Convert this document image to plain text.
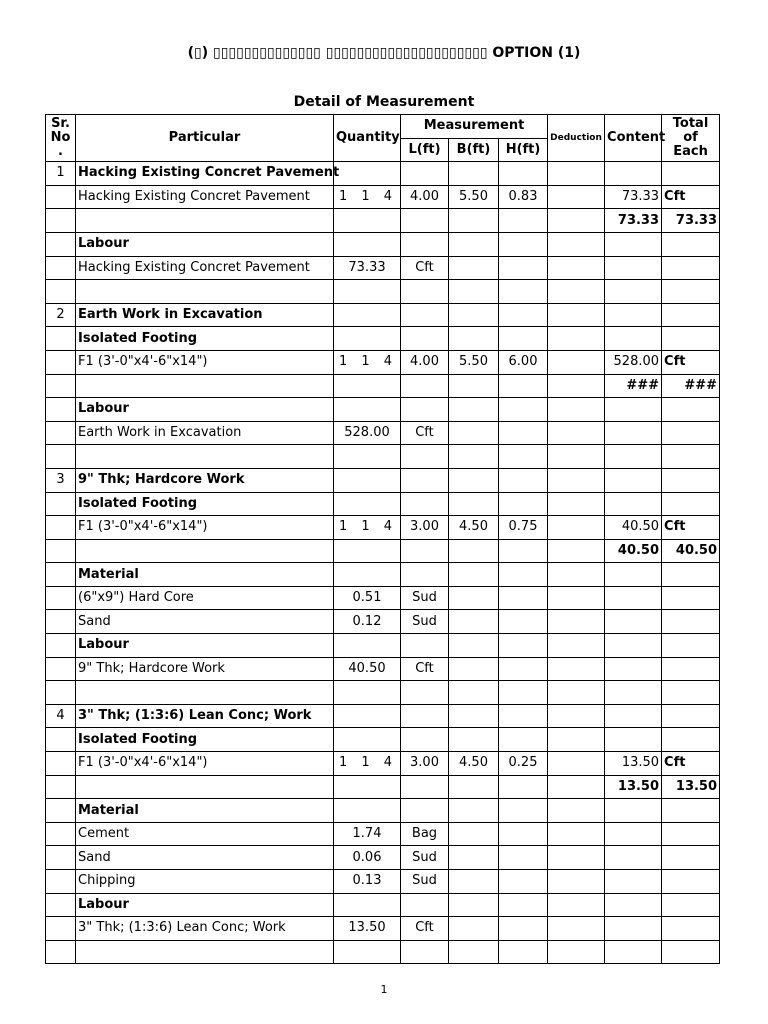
(▯) ▯▯▯▯▯▯▯▯▯▯▯▯▯▯ ▯▯▯▯▯▯▯▯▯▯▯▯▯▯▯▯▯▯▯▯▯ OPTION (1)
Detail of Measurement
Sr. No .	Particular	Quantity	Measurement			Deduction	Content	Total of Each
			L(ft)	B(ft)	H(ft)			
1	Hacking Existing Concret Pavement							
	Hacking Existing Concret Pavement	1 1 4	4.00	5.50	0.83		73.33	Cft
							73.33	73.33
	Labour							
	Hacking Existing Concret Pavement	73.33	Cft					

2	Earth Work in Excavation							
	Isolated Footing							
	F1 (3'-0"x4'-6"x14")	1 1 4	4.00	5.50	6.00		528.00	Cft
							###	###
	Labour							
	Earth Work in Excavation	528.00	Cft					

3	9" Thk; Hardcore Work							
	Isolated Footing							
	F1 (3'-0"x4'-6"x14")	1 1 4	3.00	4.50	0.75		40.50	Cft
							40.50	40.50
	Material							
	(6"x9") Hard Core	0.51	Sud					
	Sand	0.12	Sud					
	Labour							
	9" Thk; Hardcore Work	40.50	Cft					

4	3" Thk; (1:3:6) Lean Conc; Work							
	Isolated Footing							
	F1 (3'-0"x4'-6"x14")	1 1 4	3.00	4.50	0.25		13.50	Cft
							13.50	13.50
	Material							
	Cement	1.74	Bag					
	Sand	0.06	Sud					
	Chipping	0.13	Sud					
	Labour							
	3" Thk; (1:3:6) Lean Conc; Work	13.50	Cft					

1
